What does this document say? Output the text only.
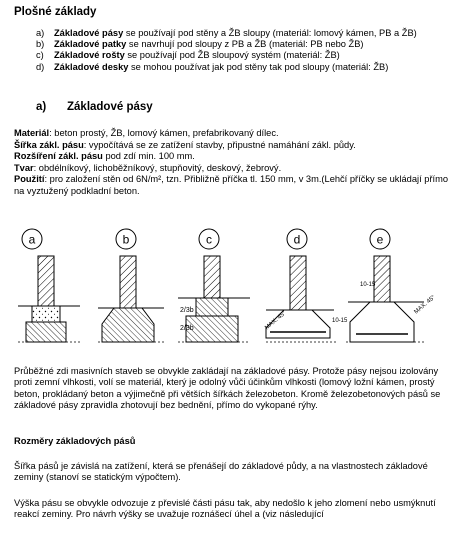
Plošné základy
a) Základové pásy se používají pod stěny a ŽB sloupy (materiál: lomový kámen, PB a ŽB)
b) Základové patky se navrhují pod sloupy z PB a ŽB (materiál: PB nebo ŽB)
c) Základové rošty se používají pod ŽB sloupový systém (materiál: ŽB)
d) Základové desky se mohou používat jak pod stěny tak pod sloupy (materiál: ŽB)
a) Základové pásy

Materiál: beton prostý, ŽB, lomový kámen, prefabrikovaný dílec.

Šířka zákl. pásu: vypočítává se ze zatížení stavby, připustné namáhání zákl. půdy.

Rozšíření zákl. pásu pod zdí min. 100 mm.

Tvar: obdélníkový, lichoběžníkový, stupňovitý, deskový, žebrový.

Použití: pro založení stěn od 6N/m², tzn. Přibližně příčka tl. 150 mm, v 3m.(Lehčí příčky se ukládají přímo na vyztužený podkladní beton.

a	b	c	d	e
2/3b
2/3b	MAX. 45°	10-15
MAX. 45°
10-15

Průběžné zdi masivních staveb se obvykle zakládají na základové pásy. Protože pásy nejsou izolovány proti zemní vlhkosti, volí se materiál, který je odolný vůči účinkům vlhkosti (lomový ložní kámen, prostý beton, prokládaný beton a výjimečně při větších šířkách železobeton. Kromě železobetonových pásů se základové pásy zpravidla zhotovují bez bednění, přímo do vykopané rýhy.

Rozměry základových pásů

Šířka pásů je závislá na zatížení, která se přenášejí do základové půdy, a na vlastnostech základové zeminy (stanoví se statickým výpočtem).

Výška pásu se obvykle odvozuje z převislé části pásu tak, aby nedošlo k jeho zlomení nebo usmýknutí reakcí zeminy. Pro návrh výšky se uvažuje roznášecí úhel a (viz následující
